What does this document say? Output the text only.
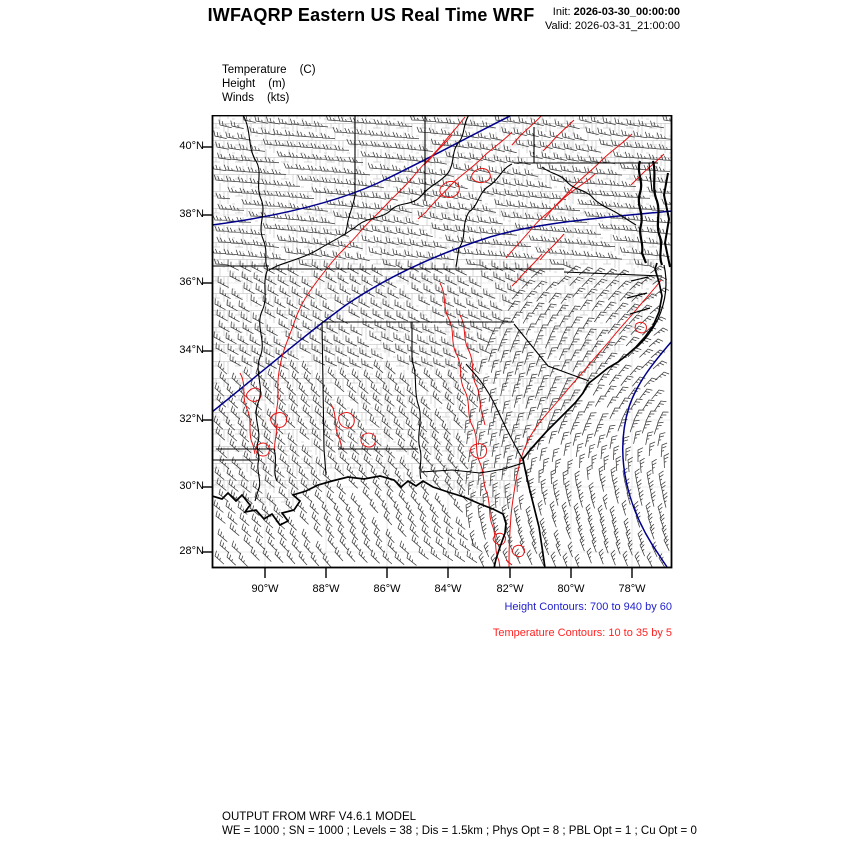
IWFAQRP Eastern US Real Time WRF	Init: 2026-03-30_00:00:00
Valid: 2026-03-31_21:00:00
Temperature (C)
Height (m)
Winds (kts)
40°N
38°N
36°N
34°N
32°N
30°N
28°N
90°W	88°W	86°W	84°W	82°W	80°W	78°W
Height Contours: 700 to 940 by 60
Temperature Contours: 10 to 35 by 5
OUTPUT FROM WRF V4.6.1 MODEL
WE = 1000 ; SN = 1000 ; Levels = 38 ; Dis = 1.5km ; Phys Opt = 8 ; PBL Opt = 1 ; Cu Opt = 0
